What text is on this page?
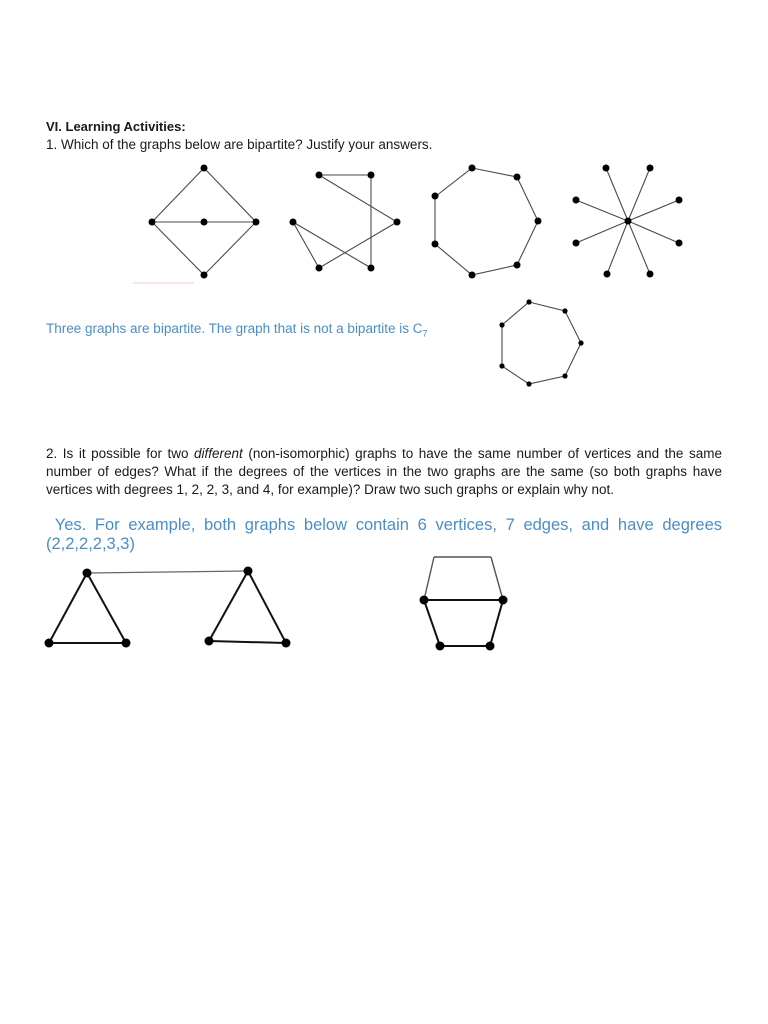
VI. Learning Activities:
1. Which of the graphs below are bipartite? Justify your answers.
Three graphs are bipartite. The graph that is not a bipartite is $C_7$
2. Is it possible for two different (non-isomorphic) graphs to have the same number of vertices and the same number of edges? What if the degrees of the vertices in the two graphs are the same (so both graphs have vertices with degrees 1, 2, 2, 3, and 4, for example)? Draw two such graphs or explain why not.
Yes. For example, both graphs below contain 6 vertices, 7 edges, and have degrees (2,2,2,2,3,3)
